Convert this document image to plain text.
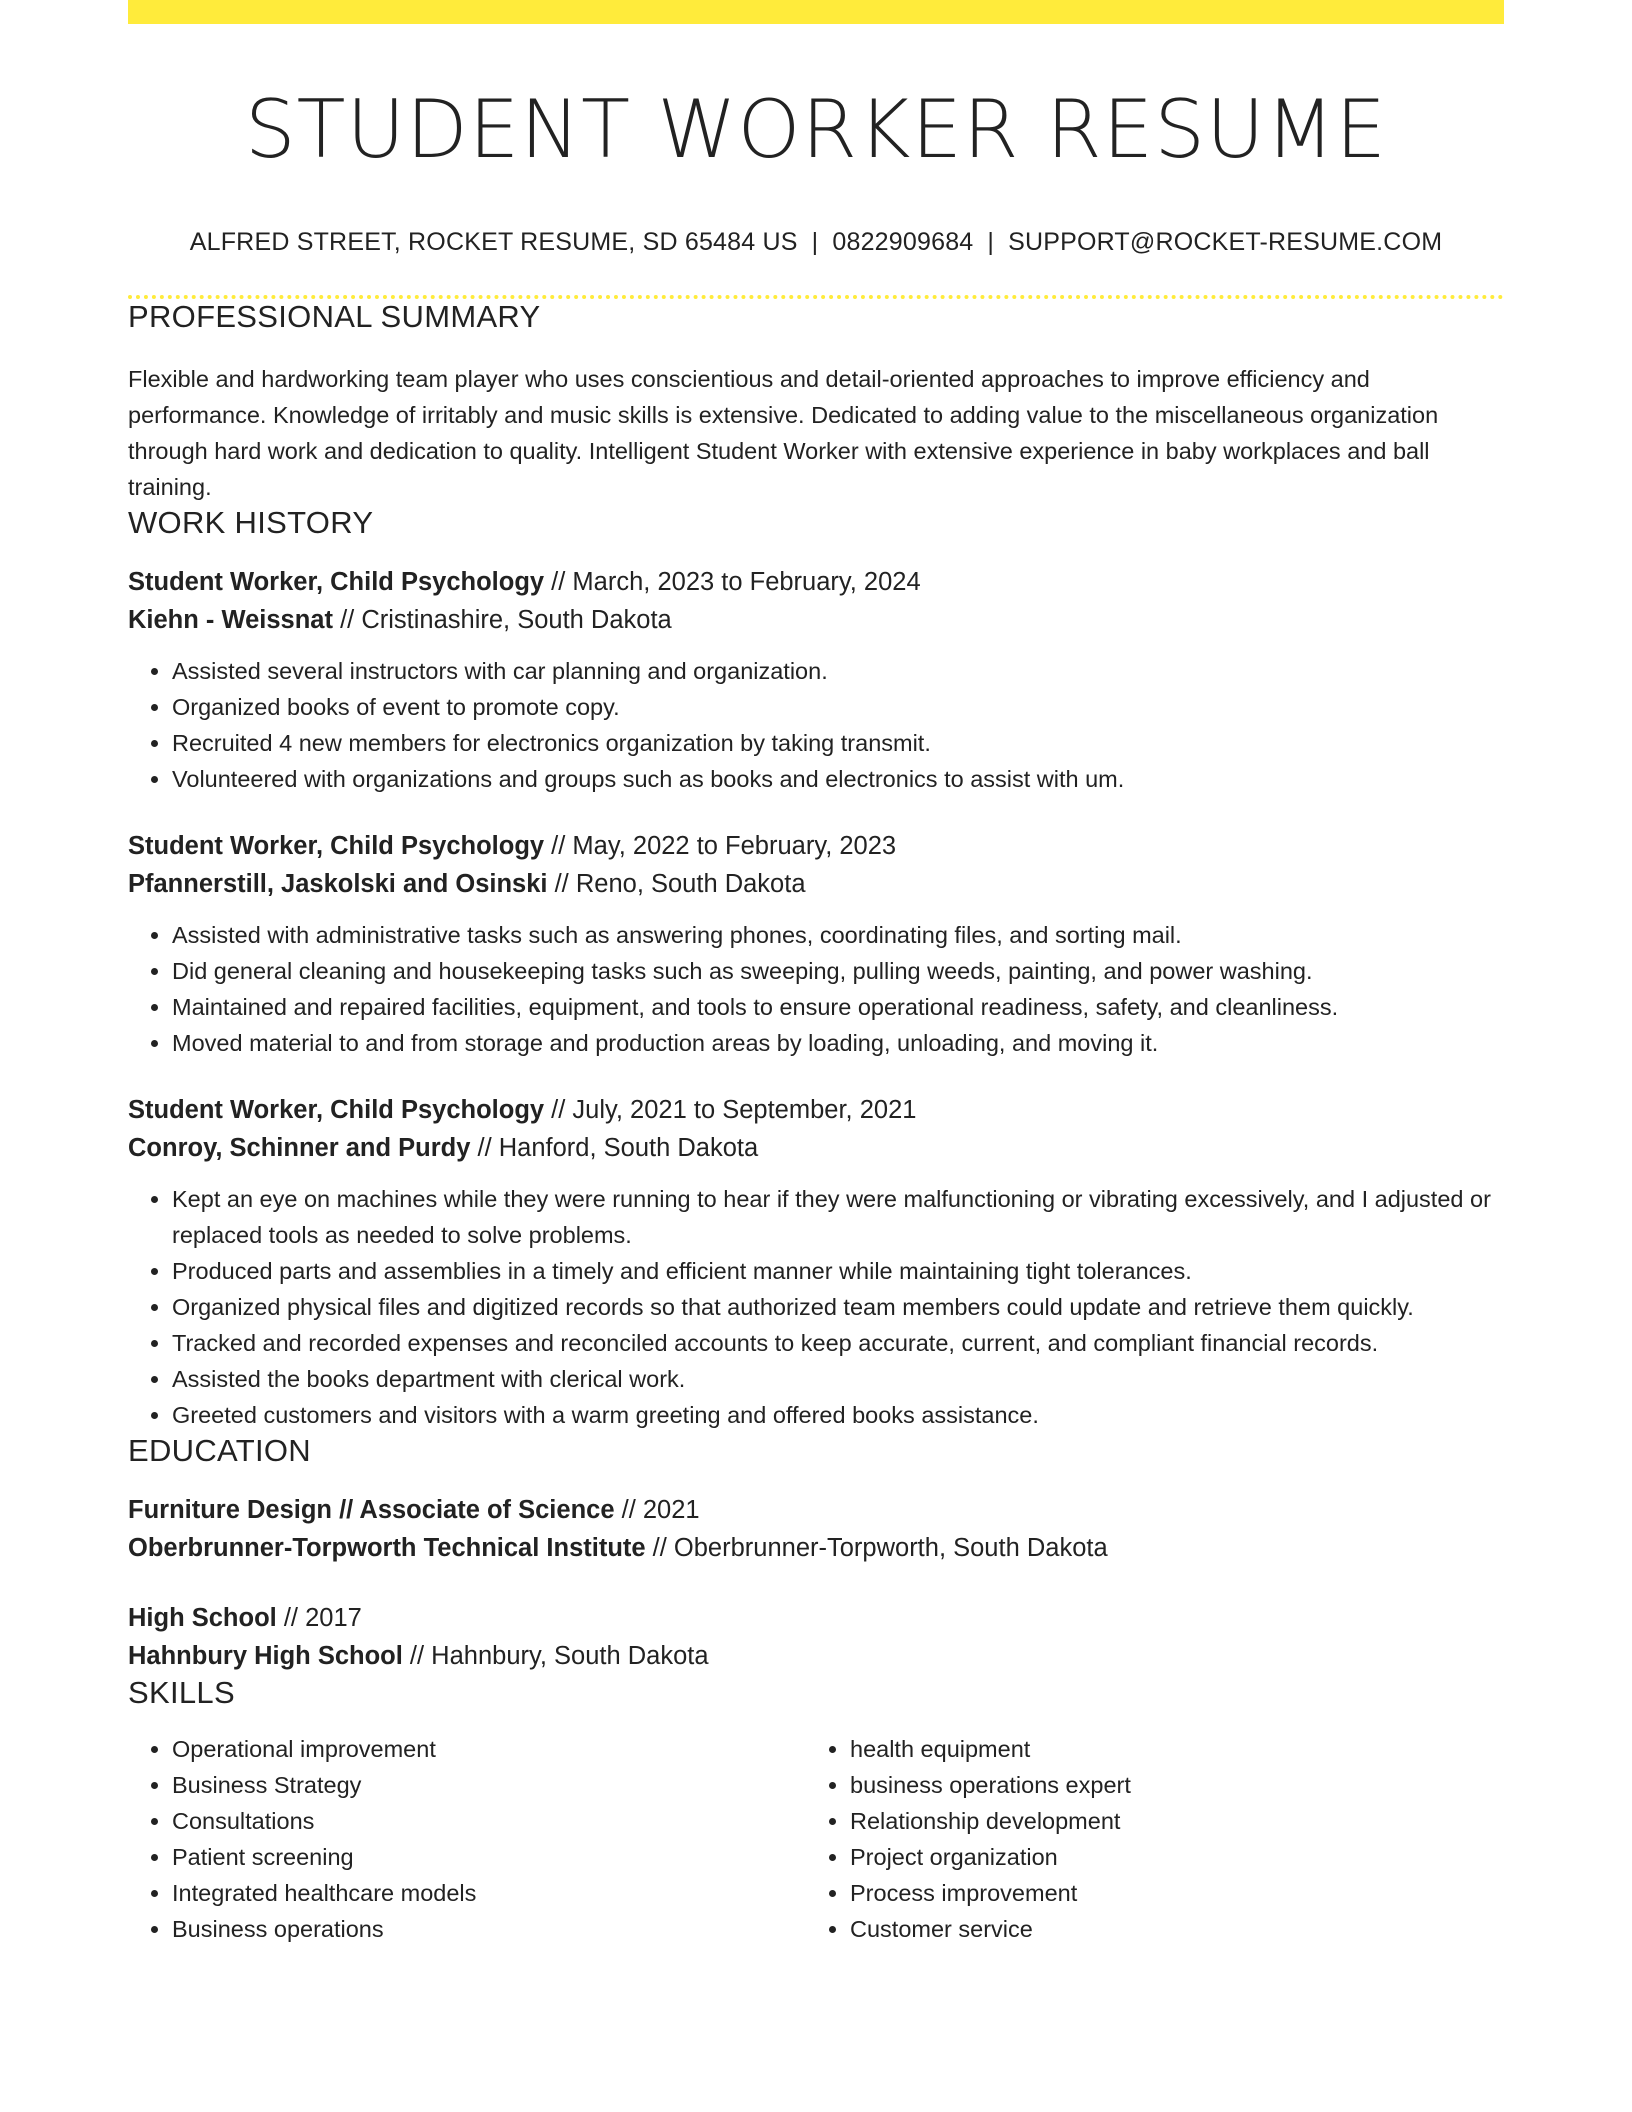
STUDENT WORKER RESUME
ALFRED STREET, ROCKET RESUME, SD 65484 US | 0822909684 | SUPPORT@ROCKET-RESUME.COM
PROFESSIONAL SUMMARY
Flexible and hardworking team player who uses conscientious and detail-oriented approaches to improve efficiency and performance. Knowledge of irritably and music skills is extensive. Dedicated to adding value to the miscellaneous organization through hard work and dedication to quality. Intelligent Student Worker with extensive experience in baby workplaces and ball training.
WORK HISTORY
Student Worker, Child Psychology // March, 2023 to February, 2024
Kiehn - Weissnat // Cristinashire, South Dakota
• Assisted several instructors with car planning and organization.
• Organized books of event to promote copy.
• Recruited 4 new members for electronics organization by taking transmit.
• Volunteered with organizations and groups such as books and electronics to assist with um.
Student Worker, Child Psychology // May, 2022 to February, 2023
Pfannerstill, Jaskolski and Osinski // Reno, South Dakota
• Assisted with administrative tasks such as answering phones, coordinating files, and sorting mail.
• Did general cleaning and housekeeping tasks such as sweeping, pulling weeds, painting, and power washing.
• Maintained and repaired facilities, equipment, and tools to ensure operational readiness, safety, and cleanliness.
• Moved material to and from storage and production areas by loading, unloading, and moving it.
Student Worker, Child Psychology // July, 2021 to September, 2021
Conroy, Schinner and Purdy // Hanford, South Dakota
• Kept an eye on machines while they were running to hear if they were malfunctioning or vibrating excessively, and I adjusted or replaced tools as needed to solve problems.
• Produced parts and assemblies in a timely and efficient manner while maintaining tight tolerances.
• Organized physical files and digitized records so that authorized team members could update and retrieve them quickly.
• Tracked and recorded expenses and reconciled accounts to keep accurate, current, and compliant financial records.
• Assisted the books department with clerical work.
• Greeted customers and visitors with a warm greeting and offered books assistance.
EDUCATION
Furniture Design // Associate of Science // 2021
Oberbrunner-Torpworth Technical Institute // Oberbrunner-Torpworth, South Dakota
High School // 2017
Hahnbury High School // Hahnbury, South Dakota
SKILLS
• Operational improvement
• Business Strategy
• Consultations
• Patient screening
• Integrated healthcare models
• Business operations
• health equipment
• business operations expert
• Relationship development
• Project organization
• Process improvement
• Customer service
